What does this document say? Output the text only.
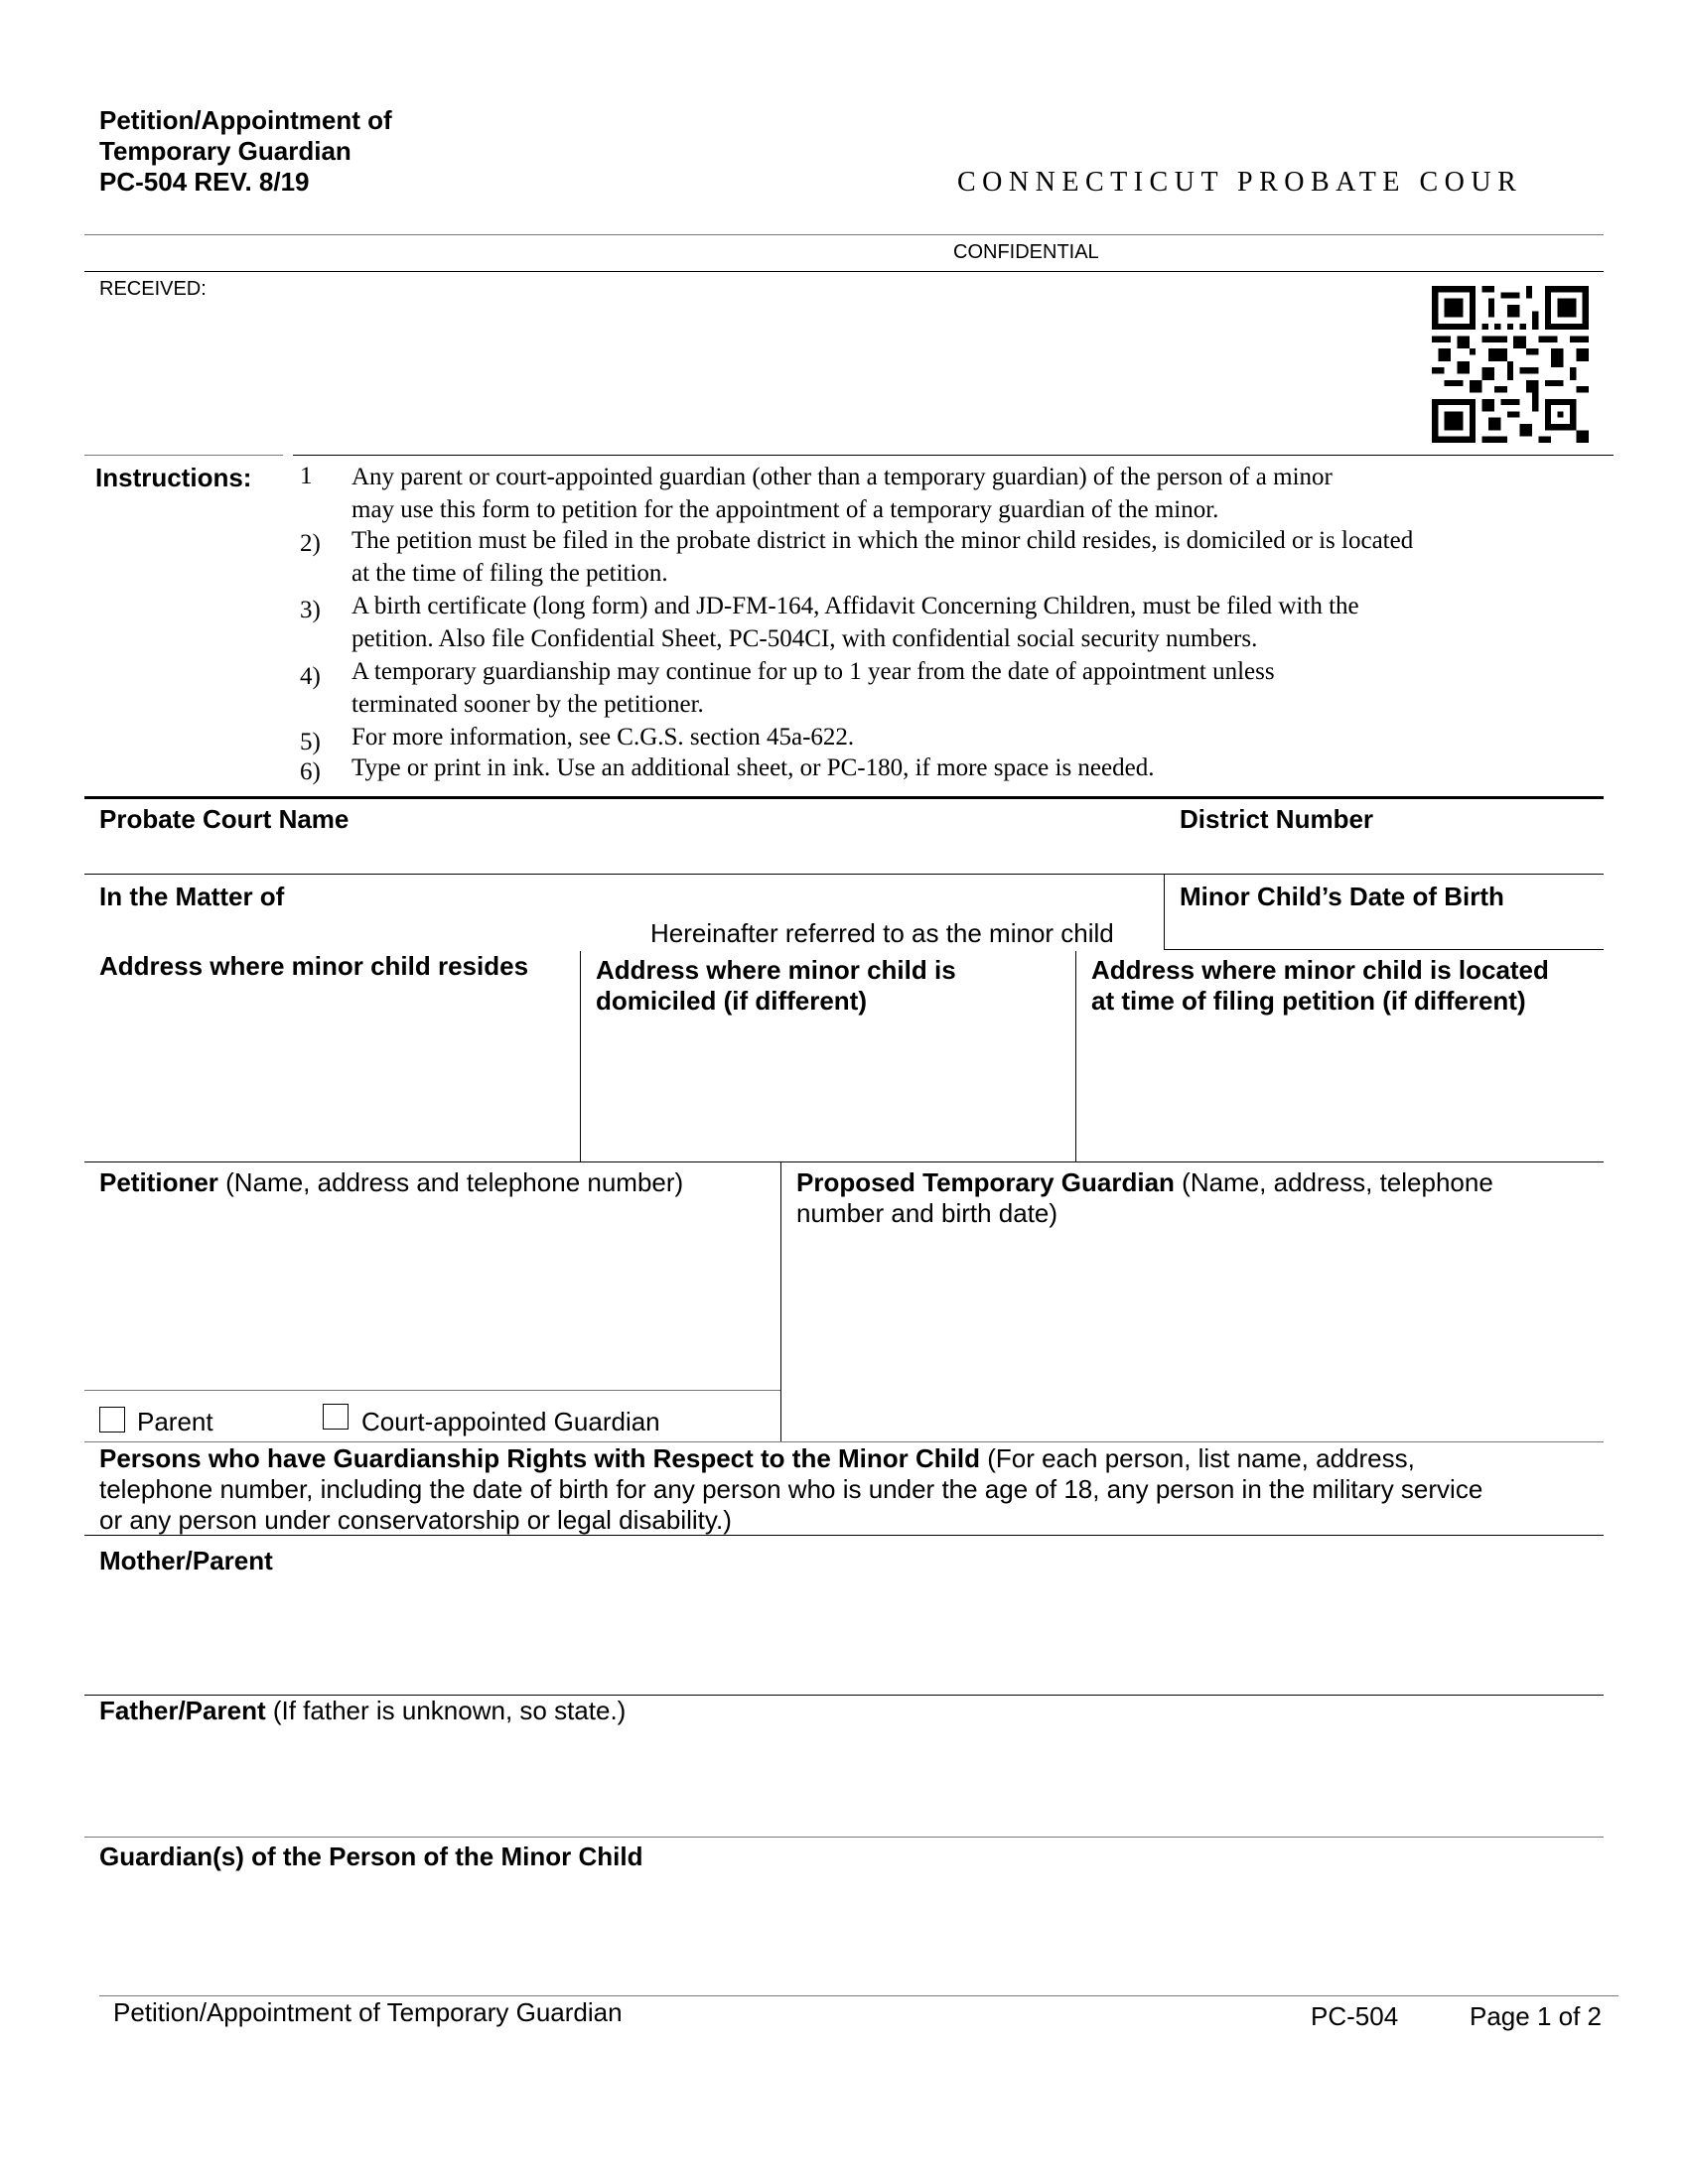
Petition/Appointment of
Temporary Guardian
PC-504 REV. 8/19	CONNECTICUT PROBATE COUR
CONFIDENTIAL
RECEIVED:
Instructions: 1	Any parent or court-appointed guardian (other than a temporary guardian) of the person of a minor
may use this form to petition for the appointment of a temporary guardian of the minor.
2)	The petition must be filed in the probate district in which the minor child resides, is domiciled or is located
at the time of filing the petition.
3)	A birth certificate (long form) and JD-FM-164, Affidavit Concerning Children, must be filed with the
petition. Also file Confidential Sheet, PC-504CI, with confidential social security numbers.
4)	A temporary guardianship may continue for up to 1 year from the date of appointment unless
terminated sooner by the petitioner.
5)	For more information, see C.G.S. section 45a-622.
6)	Type or print in ink. Use an additional sheet, or PC-180, if more space is needed.
Probate Court Name	District Number
In the Matter of	Minor Child’s Date of Birth
Hereinafter referred to as the minor child
Address where minor child resides	Address where minor child is
domiciled (if different)
Address where minor child is located
at time of filing petition (if different)
Petitioner (Name, address and telephone number)	Proposed Temporary Guardian (Name, address, telephone
number and birth date)
Parent	Court-appointed Guardian
Persons who have Guardianship Rights with Respect to the Minor Child (For each person, list name, address,
telephone number, including the date of birth for any person who is under the age of 18, any person in the military service
or any person under conservatorship or legal disability.)
Mother/Parent
Father/Parent (If father is unknown, so state.)
Guardian(s) of the Person of the Minor Child
Petition/Appointment of Temporary Guardian	PC-504	Page 1 of 2
